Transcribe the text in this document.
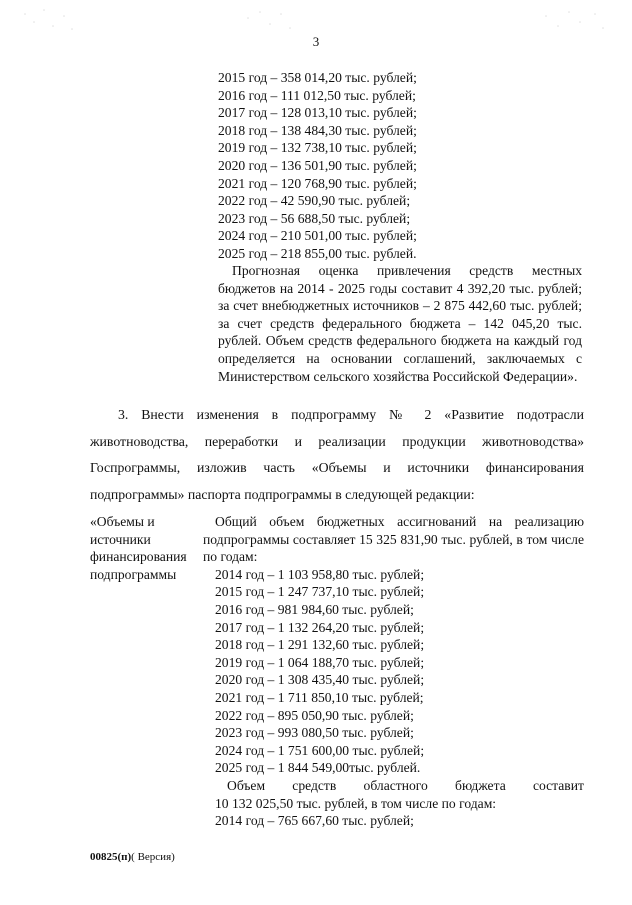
3
2015 год – 358 014,20 тыс. рублей;
2016 год – 111 012,50 тыс. рублей;
2017 год – 128 013,10 тыс. рублей;
2018 год – 138 484,30 тыс. рублей;
2019 год – 132 738,10 тыс. рублей;
2020 год – 136 501,90 тыс. рублей;
2021 год – 120 768,90 тыс. рублей;
2022 год – 42 590,90 тыс. рублей;
2023 год – 56 688,50 тыс. рублей;
2024 год – 210 501,00 тыс. рублей;
2025 год – 218 855,00 тыс. рублей.

Прогнозная оценка привлечения средств местных бюджетов на 2014 - 2025 годы составит 4 392,20 тыс. рублей; за счет внебюджетных источников – 2 875 442,60 тыс. рублей; за счет средств федерального бюджета – 142 045,20 тыс. рублей. Объем средств федерального бюджета на каждый год определяется на основании соглашений, заключаемых с Министерством сельского хозяйства Российской Федерации».

3. Внести изменения в подпрограмму № 2 «Развитие подотрасли животноводства, переработки и реализации продукции животноводства» Госпрограммы, изложив часть «Объемы и источники финансирования подпрограммы» паспорта подпрограммы в следующей редакции:

«Объемы и
источники
финансирования
подпрограммы

Общий объем бюджетных ассигнований на реализацию подпрограммы составляет 15 325 831,90 тыс. рублей, в том числе по годам:

2014 год – 1 103 958,80 тыс. рублей;
2015 год – 1 247 737,10 тыс. рублей;
2016 год – 981 984,60 тыс. рублей;
2017 год – 1 132 264,20 тыс. рублей;
2018 год – 1 291 132,60 тыс. рублей;
2019 год – 1 064 188,70 тыс. рублей;
2020 год – 1 308 435,40 тыс. рублей;
2021 год – 1 711 850,10 тыс. рублей;
2022 год – 895 050,90 тыс. рублей;
2023 год – 993 080,50 тыс. рублей;
2024 год – 1 751 600,00 тыс. рублей;
2025 год – 1 844 549,00тыс. рублей.
Объем	средств	областного	бюджета	составит
10 132 025,50 тыс. рублей, в том числе по годам:
2014 год – 765 667,60 тыс. рублей;
00825(п)( Версия)
